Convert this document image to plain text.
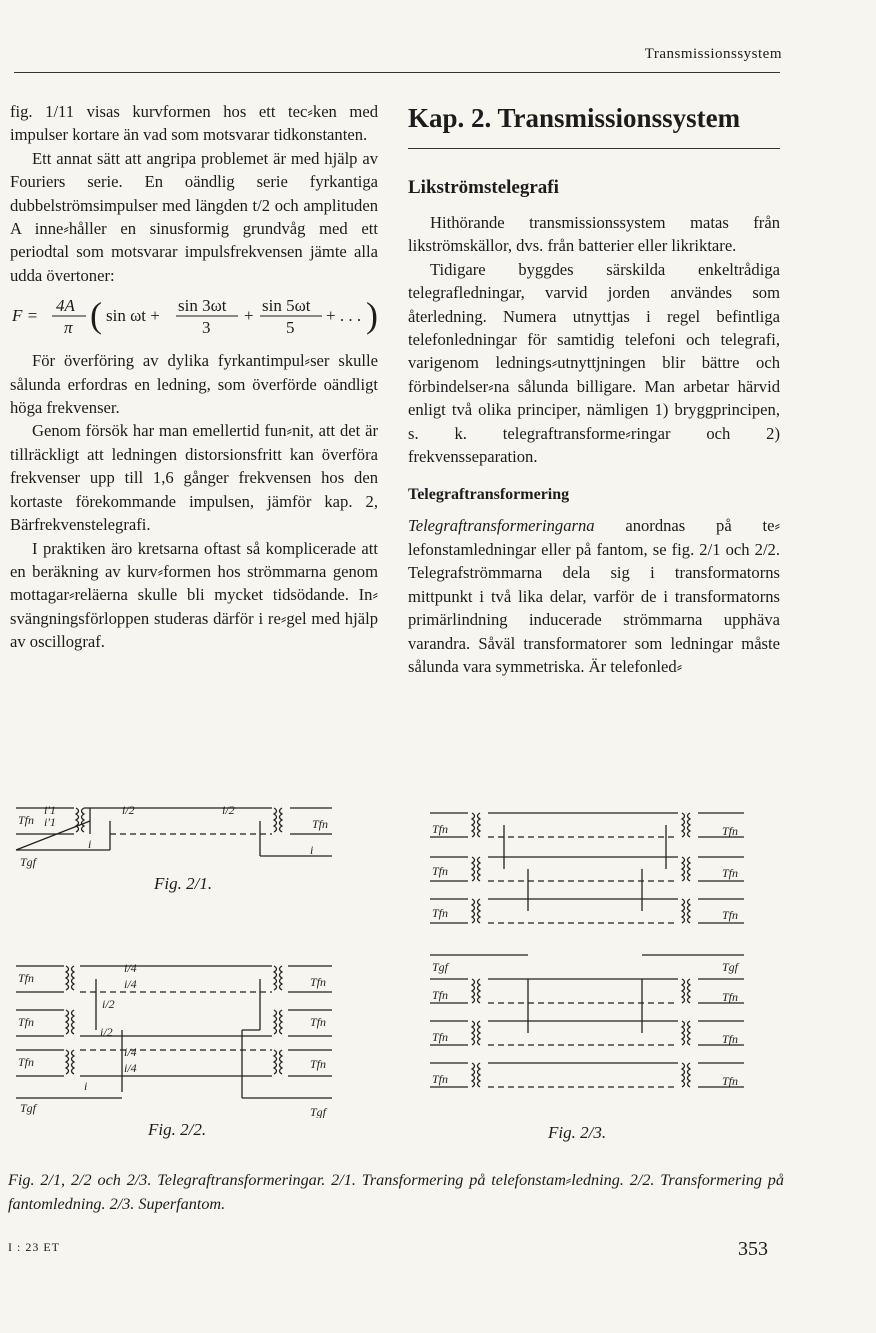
Transmissionssystem

fig. 1/11 visas kurvformen hos ett tec⸗ken med impulser kortare än vad som motsvarar tidkonstanten.

Ett annat sätt att angripa problemet är med hjälp av Fouriers serie. En oändlig serie fyrkantiga dubbelströmsimpulser med längden t/2 och amplituden A inne⸗håller en sinusformig grundvåg med ett periodtal som motsvarar impulsfrekvensen jämte alla udda övertoner:

F =
4A
π ( sin ωt +
sin 3ωt
3
+
sin 5ωt
5
+ . . . )

För överföring av dylika fyrkantimpul⸗ser skulle sålunda erfordras en ledning, som överförde oändligt höga frekvenser.

Genom försök har man emellertid fun⸗nit, att det är tillräckligt att ledningen distorsionsfritt kan överföra frekvenser upp till 1,6 gånger frekvensen hos den kortaste förekommande impulsen, jämför kap. 2, Bärfrekvenstelegrafi.

I praktiken äro kretsarna oftast så komplicerade att en beräkning av kurv⸗formen hos strömmarna genom mottagar⸗reläerna skulle bli mycket tidsödande. In⸗svängningsförloppen studeras därför i re⸗gel med hjälp av oscillograf.

Kap. 2. Transmissionssystem
Likströmstelegrafi

Hithörande transmissionssystem matas från likströmskällor, dvs. från batterier eller likriktare.

Tidigare byggdes särskilda enkeltrådiga telegrafledningar, varvid jorden användes som återledning. Numera utnyttjas i regel befintliga telefonledningar för samtidig telefoni och telegrafi, varigenom lednings⸗utnyttjningen blir bättre och förbindelser⸗na sålunda billigare. Man arbetar härvid enligt två olika principer, nämligen 1) bryggprincipen, s. k. telegraftransforme⸗ringar och 2) frekvensseparation.

Telegraftransformering

Telegraftransformeringarna anordnas på te⸗lefonstamledningar eller på fantom, se fig. 2/1 och 2/2. Telegrafströmmarna dela sig i transformatorns mittpunkt i två lika delar, varför de i transformatorns primärlindning inducerade strömmarna upphäva varandra. Såväl transformatorer som ledningar måste sålunda vara symmetriska. Är telefonled⸗

Tfn
i'1
i'1
i/2	i/2
Tfn
Tgf
i	i
Fig. 2/1.
Tfn
Tfn
Tfn
Tfn
Tfn
Tfn
i/4
i/4
i/2
i/2
i/4
i/4
i
Tgf	Tgf
Fig. 2/2.
Tfn
Tfn
Tfn
Tfn
Tfn
Tfn
Tgf	Tgf
Tfn
Tfn
Tfn
Tfn
Tfn
Tfn
Fig. 2/3.
Fig. 2/1, 2/2 och 2/3. Telegraftransformeringar. 2/1. Transformering på telefonstam⸗ledning. 2/2. Transformering på fantomledning. 2/3. Superfantom.
I : 23 ET	353
